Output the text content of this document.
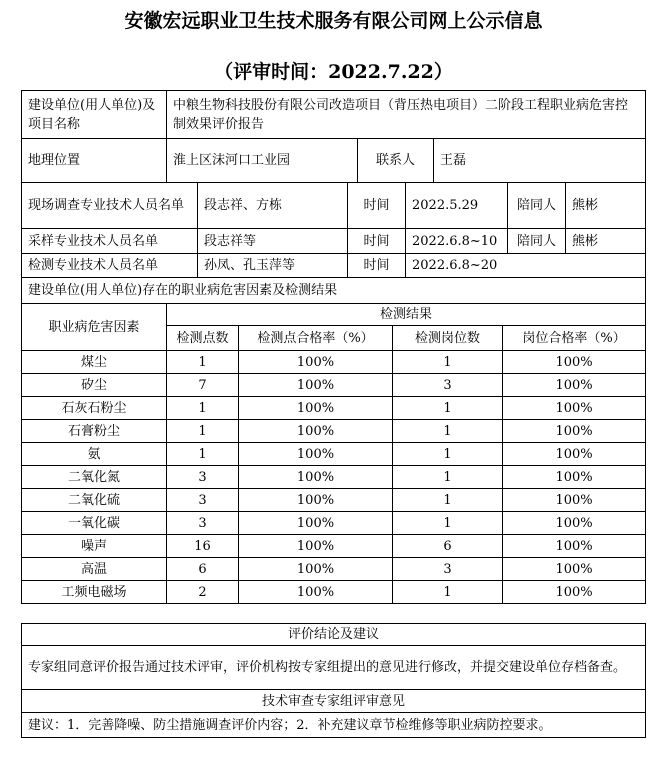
安徽宏远职业卫生技术服务有限公司网上公示信息
（评审时间：2022.7.22）
建设单位(用人单位)及项目名称	中粮生物科技股份有限公司改造项目（背压热电项目）二阶段工程职业病危害控制效果评价报告		
地理位置	淮上区沫河口工业园	联系人	王磊
现场调查专业技术人员名单	段志祥、方栋	时间	2022.5.29	陪同人	熊彬
采样专业技术人员名单	段志祥等	时间	2022.6.8~10	陪同人	熊彬
检测专业技术人员名单	孙凤、孔玉萍等	时间	2022.6.8~20		
建设单位(用人单位)存在的职业病危害因素及检测结果				
职业病危害因素	检测结果			
	检测点数	检测点合格率（%）	检测岗位数	岗位合格率（%）
煤尘	1	100%	1	100%
矽尘	7	100%	3	100%
石灰石粉尘	1	100%	1	100%
石膏粉尘	1	100%	1	100%
氨	1	100%	1	100%
二氧化氮	3	100%	1	100%
二氧化硫	3	100%	1	100%
一氧化碳	3	100%	1	100%
噪声	16	100%	6	100%
高温	6	100%	3	100%
工频电磁场	2	100%	1	100%
评价结论及建议
专家组同意评价报告通过技术评审，评价机构按专家组提出的意见进行修改，并提交建设单位存档备查。
技术审查专家组评审意见
建议：1．完善降噪、防尘措施调查评价内容；2．补充建议章节检维修等职业病防控要求。
